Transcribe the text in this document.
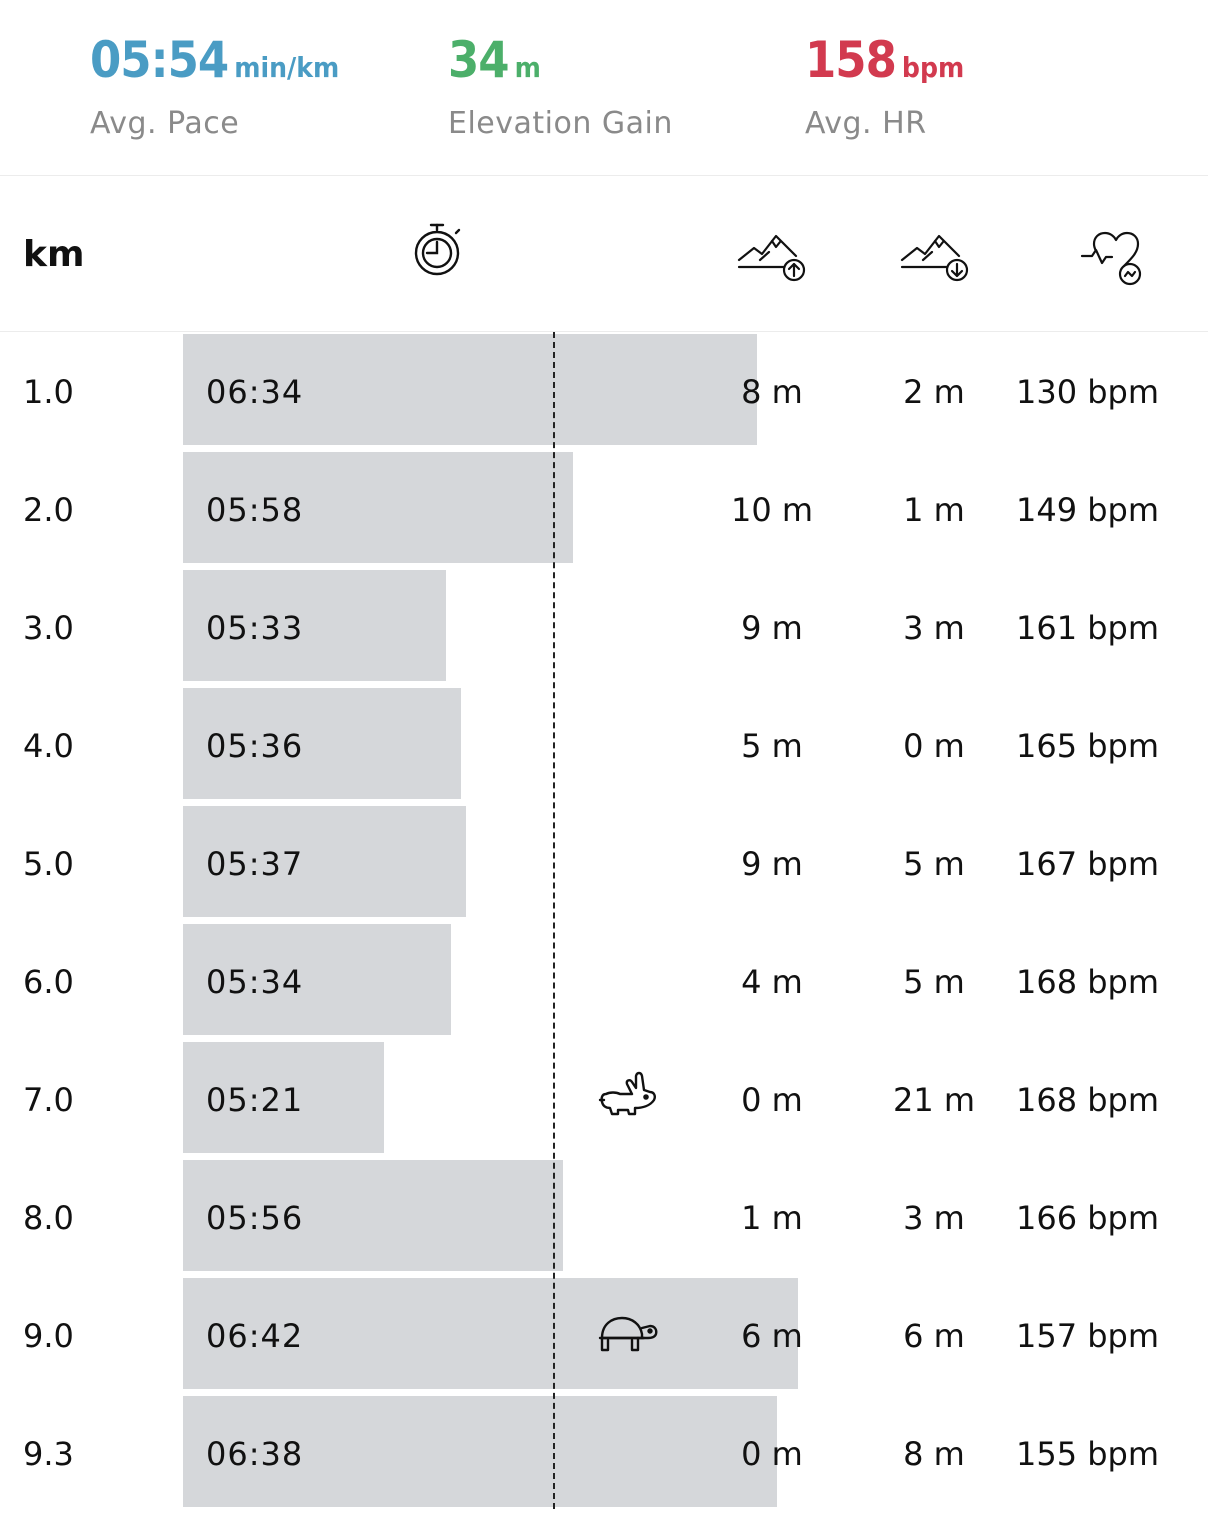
05:54 min/km
Avg. Pace
34 m
Elevation Gain
158 bpm
Avg. HR
km
1.0	06:34	8 m	2 m	130 bpm
2.0	05:58	10 m	1 m	149 bpm
3.0	05:33	9 m	3 m	161 bpm
4.0	05:36	5 m	0 m	165 bpm
5.0	05:37	9 m	5 m	167 bpm
6.0	05:34	4 m	5 m	168 bpm
7.0	05:21	0 m	21 m	168 bpm
8.0	05:56	1 m	3 m	166 bpm
9.0	06:42	6 m	6 m	157 bpm
9.3	06:38	0 m	8 m	155 bpm
